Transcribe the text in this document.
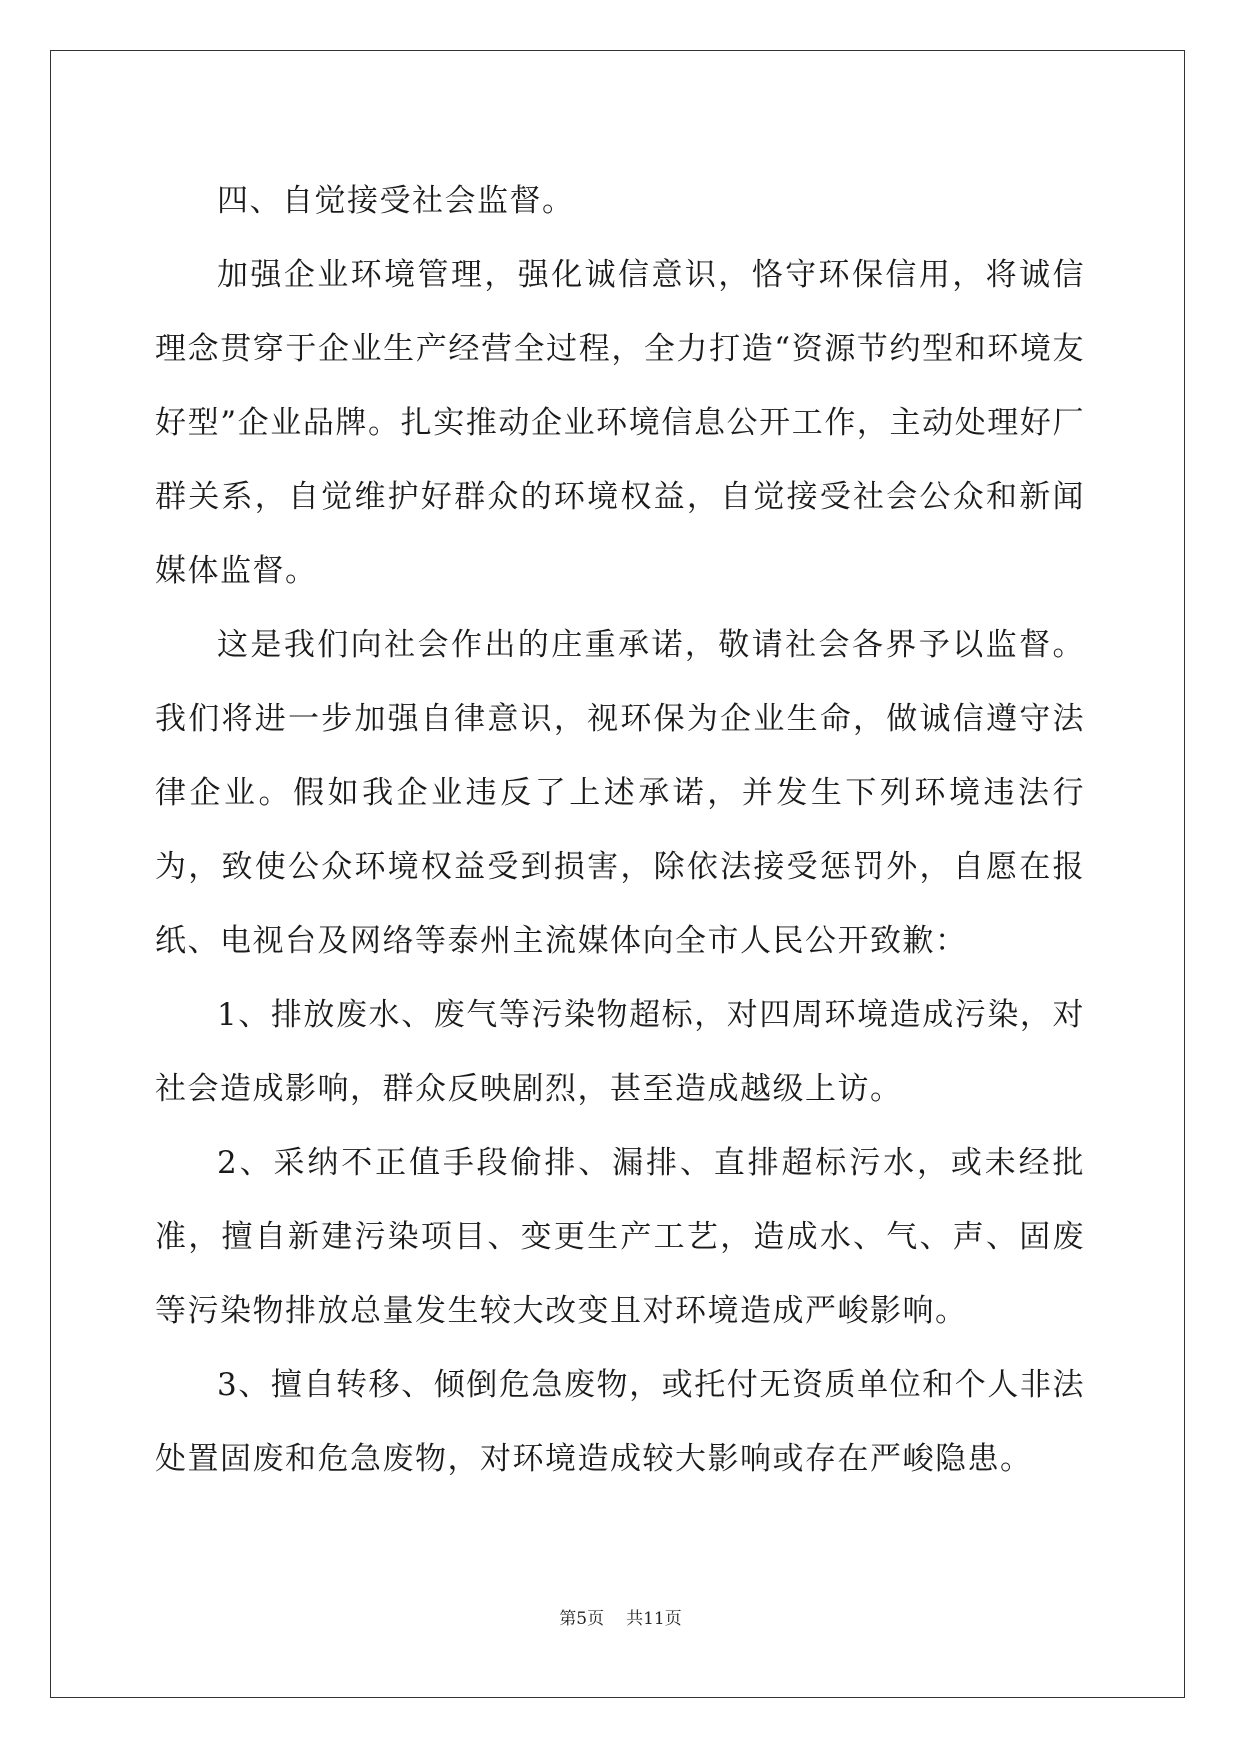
四、自觉接受社会监督。

加强企业环境管理，强化诚信意识，恪守环保信用，将诚信理念贯穿于企业生产经营全过程，全力打造“资源节约型和环境友好型”企业品牌。扎实推动企业环境信息公开工作，主动处理好厂群关系，自觉维护好群众的环境权益，自觉接受社会公众和新闻媒体监督。

这是我们向社会作出的庄重承诺，敬请社会各界予以监督。我们将进一步加强自律意识，视环保为企业生命，做诚信遵守法律企业。假如我企业违反了上述承诺，并发生下列环境违法行为，致使公众环境权益受到损害，除依法接受惩罚外，自愿在报纸、电视台及网络等泰州主流媒体向全市人民公开致歉：

1、排放废水、废气等污染物超标，对四周环境造成污染，对社会造成影响，群众反映剧烈，甚至造成越级上访。

2、采纳不正值手段偷排、漏排、直排超标污水，或未经批准，擅自新建污染项目、变更生产工艺，造成水、气、声、固废等污染物排放总量发生较大改变且对环境造成严峻影响。

3、擅自转移、倾倒危急废物，或托付无资质单位和个人非法处置固废和危急废物，对环境造成较大影响或存在严峻隐患。

第5页 共11页
